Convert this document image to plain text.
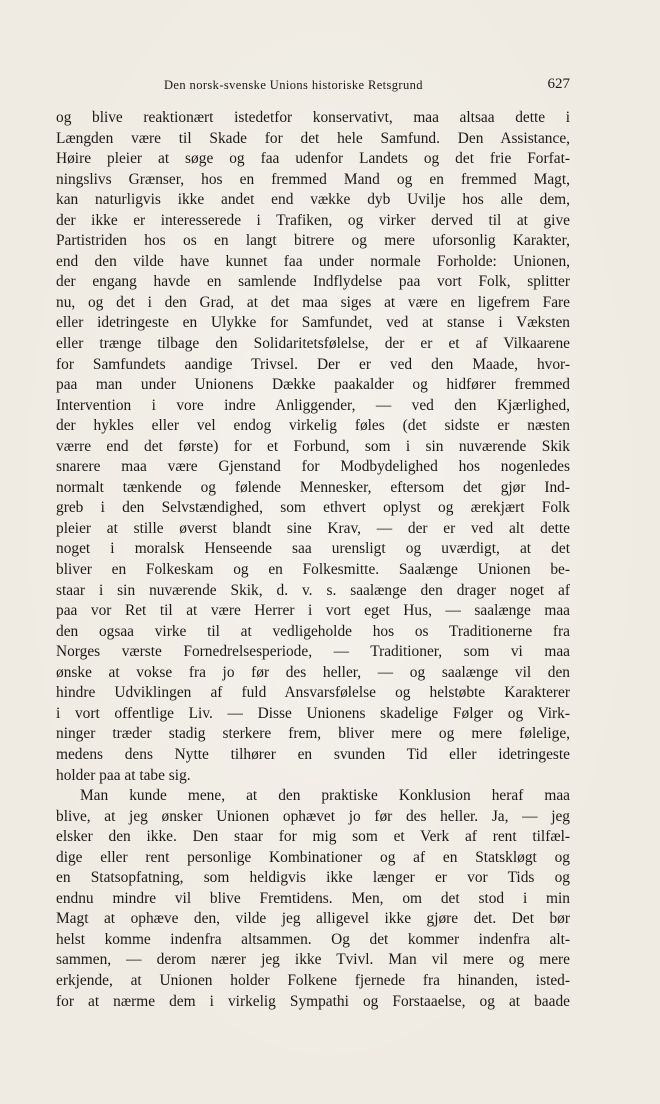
Den norsk-svenske Unions historiske Retsgrund	627
og blive reaktionært istedetfor konservativt, maa altsaa dette i
Længden være til Skade for det hele Samfund. Den Assistance,
Høire pleier at søge og faa udenfor Landets og det frie Forfat-
ningslivs Grænser, hos en fremmed Mand og en fremmed Magt,
kan naturligvis ikke andet end vække dyb Uvilje hos alle dem,
der ikke er interesserede i Trafiken, og virker derved til at give
Partistriden hos os en langt bitrere og mere uforsonlig Karakter,
end den vilde have kunnet faa under normale Forholde: Unionen,
der engang havde en samlende Indflydelse paa vort Folk, splitter
nu, og det i den Grad, at det maa siges at være en ligefrem Fare
eller idetringeste en Ulykke for Samfundet, ved at stanse i Væksten
eller trænge tilbage den Solidaritetsfølelse, der er et af Vilkaarene
for Samfundets aandige Trivsel. Der er ved den Maade, hvor-
paa man under Unionens Dække paakalder og hidfører fremmed
Intervention i vore indre Anliggender, — ved den Kjærlighed,
der hykles eller vel endog virkelig føles (det sidste er næsten
værre end det første) for et Forbund, som i sin nuværende Skik
snarere maa være Gjenstand for Modbydelighed hos nogenledes
normalt tænkende og følende Mennesker, eftersom det gjør Ind-
greb i den Selvstændighed, som ethvert oplyst og ærekjært Folk
pleier at stille øverst blandt sine Krav, — der er ved alt dette
noget i moralsk Henseende saa urensligt og uværdigt, at det
bliver en Folkeskam og en Folkesmitte. Saalænge Unionen be-
staar i sin nuværende Skik, d. v. s. saalænge den drager noget af
paa vor Ret til at være Herrer i vort eget Hus, — saalænge maa
den ogsaa virke til at vedligeholde hos os Traditionerne fra
Norges værste Fornedrelsesperiode, — Traditioner, som vi maa
ønske at vokse fra jo før des heller, — og saalænge vil den
hindre Udviklingen af fuld Ansvarsfølelse og helstøbte Karakterer
i vort offentlige Liv. — Disse Unionens skadelige Følger og Virk-
ninger træder stadig sterkere frem, bliver mere og mere følelige,
medens dens Nytte tilhører en svunden Tid eller idetringeste
holder paa at tabe sig.
Man kunde mene, at den praktiske Konklusion heraf maa
blive, at jeg ønsker Unionen ophævet jo før des heller. Ja, — jeg
elsker den ikke. Den staar for mig som et Verk af rent tilfæl-
dige eller rent personlige Kombinationer og af en Statskløgt og
en Statsopfatning, som heldigvis ikke længer er vor Tids og
endnu mindre vil blive Fremtidens. Men, om det stod i min
Magt at ophæve den, vilde jeg alligevel ikke gjøre det. Det bør
helst komme indenfra altsammen. Og det kommer indenfra alt-
sammen, — derom nærer jeg ikke Tvivl. Man vil mere og mere
erkjende, at Unionen holder Folkene fjernede fra hinanden, isted-
for at nærme dem i virkelig Sympathi og Forstaaelse, og at baade
